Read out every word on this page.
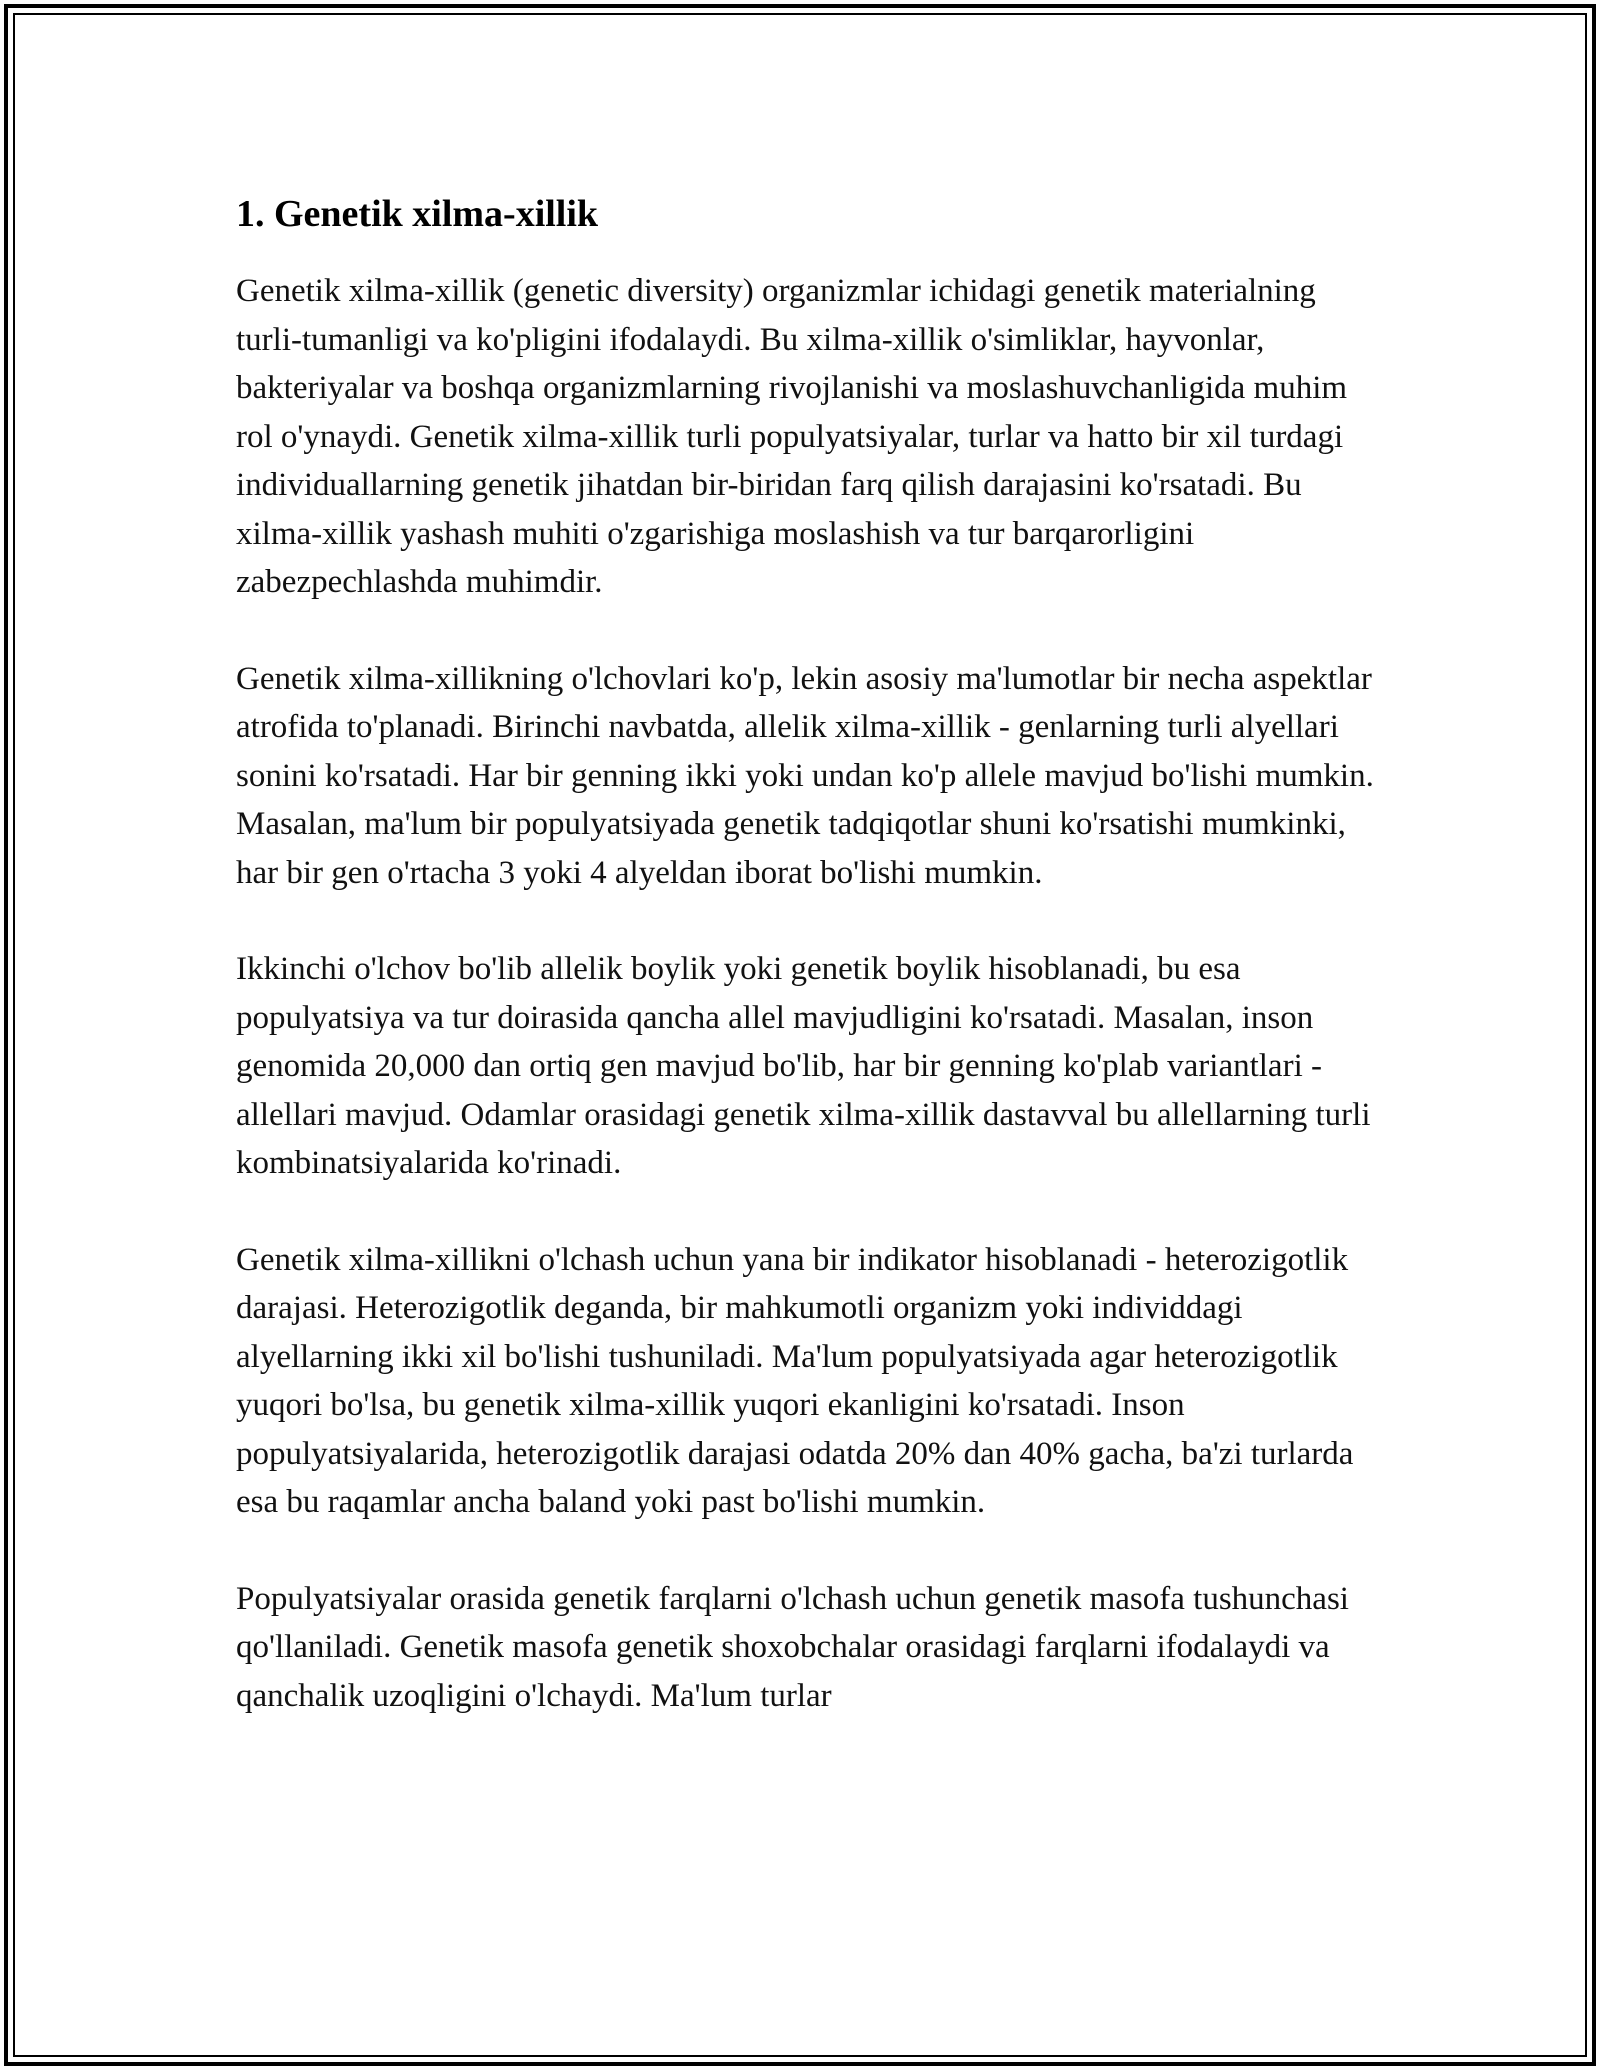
1. Genetik xilma-xillik

Genetik xilma-xillik (genetic diversity) organizmlar ichidagi genetik materialning turli-tumanligi va ko'pligini ifodalaydi. Bu xilma-xillik o'simliklar, hayvonlar, bakteriyalar va boshqa organizmlarning rivojlanishi va moslashuvchanligida muhim rol o'ynaydi. Genetik xilma-xillik turli populyatsiyalar, turlar va hatto bir xil turdagi individuallarning genetik jihatdan bir-biridan farq qilish darajasini ko'rsatadi. Bu xilma-xillik yashash muhiti o'zgarishiga moslashish va tur barqarorligini zabezpechlashda muhimdir.

Genetik xilma-xillikning o'lchovlari ko'p, lekin asosiy ma'lumotlar bir necha aspektlar atrofida to'planadi. Birinchi navbatda, allelik xilma-xillik - genlarning turli alyellari sonini ko'rsatadi. Har bir genning ikki yoki undan ko'p allele mavjud bo'lishi mumkin. Masalan, ma'lum bir populyatsiyada genetik tadqiqotlar shuni ko'rsatishi mumkinki, har bir gen o'rtacha 3 yoki 4 alyeldan iborat bo'lishi mumkin.

Ikkinchi o'lchov bo'lib allelik boylik yoki genetik boylik hisoblanadi, bu esa populyatsiya va tur doirasida qancha allel mavjudligini ko'rsatadi. Masalan, inson genomida 20,000 dan ortiq gen mavjud bo'lib, har bir genning ko'plab variantlari - allellari mavjud. Odamlar orasidagi genetik xilma-xillik dastavval bu allellarning turli kombinatsiyalarida ko'rinadi.

Genetik xilma-xillikni o'lchash uchun yana bir indikator hisoblanadi - heterozigotlik darajasi. Heterozigotlik deganda, bir mahkumotli organizm yoki individdagi alyellarning ikki xil bo'lishi tushuniladi. Ma'lum populyatsiyada agar heterozigotlik yuqori bo'lsa, bu genetik xilma-xillik yuqori ekanligini ko'rsatadi. Inson populyatsiyalarida, heterozigotlik darajasi odatda 20% dan 40% gacha, ba'zi turlarda esa bu raqamlar ancha baland yoki past bo'lishi mumkin.

Populyatsiyalar orasida genetik farqlarni o'lchash uchun genetik masofa tushunchasi qo'llaniladi. Genetik masofa genetik shoxobchalar orasidagi farqlarni ifodalaydi va qanchalik uzoqligini o'lchaydi. Ma'lum turlar
